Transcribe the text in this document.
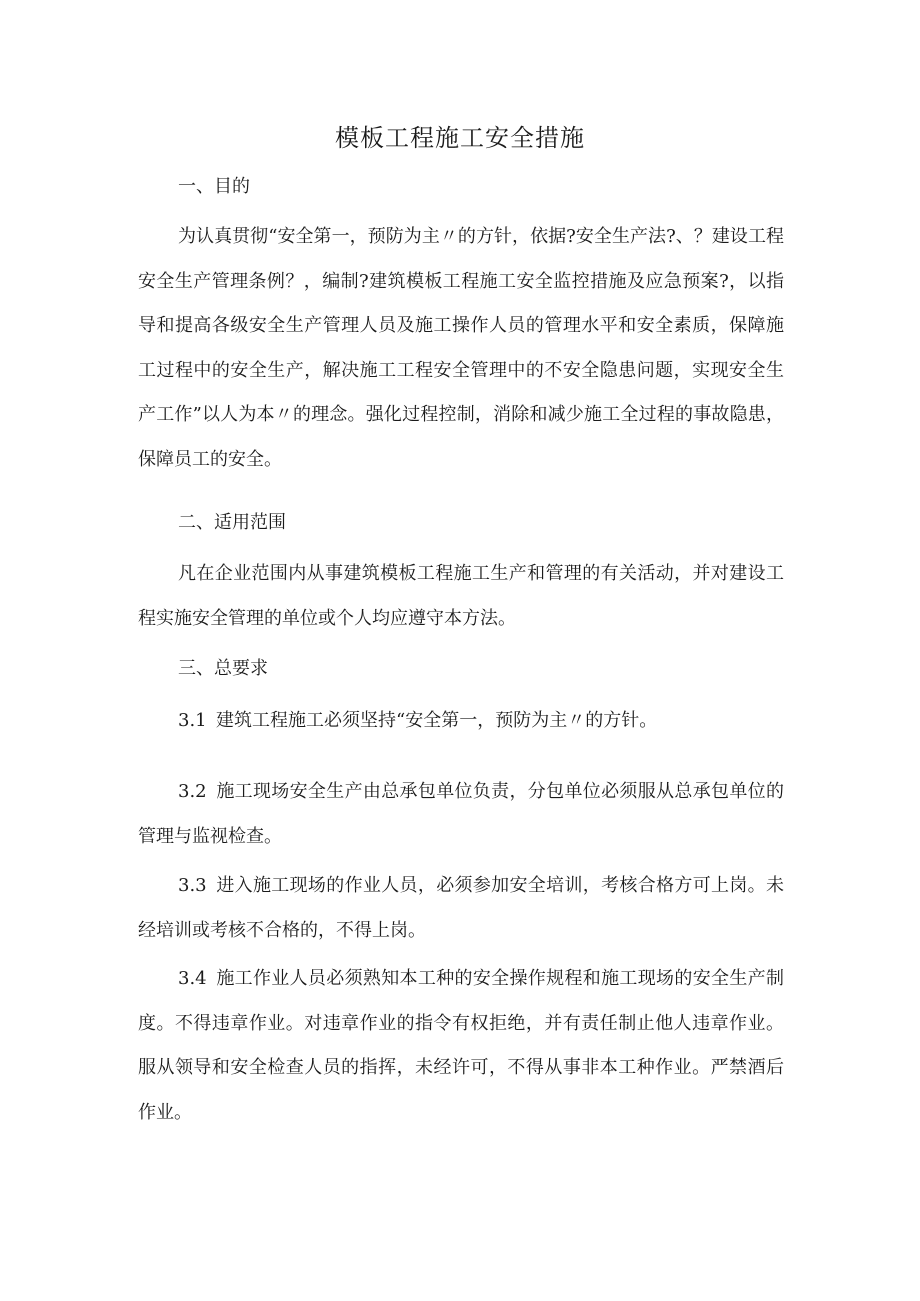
模板工程施工安全措施
一、目的

为认真贯彻“安全第一，预防为主〃的方针，依据?安全生产法?、？建设工程安全生产管理条例？，编制?建筑模板工程施工安全监控措施及应急预案?，以指导和提高各级安全生产管理人员及施工操作人员的管理水平和安全素质，保障施工过程中的安全生产，解决施工工程安全管理中的不安全隐患问题，实现安全生产工作”以人为本〃的理念。强化过程控制，消除和减少施工全过程的事故隐患，保障员工的安全。

二、适用范围

凡在企业范围内从事建筑模板工程施工生产和管理的有关活动，并对建设工程实施安全管理的单位或个人均应遵守本方法。

三、总要求

3.1 建筑工程施工必须坚持“安全第一，预防为主〃的方针。

3.2 施工现场安全生产由总承包单位负责，分包单位必须服从总承包单位的管理与监视检查。

3.3 进入施工现场的作业人员，必须参加安全培训，考核合格方可上岗。未经培训或考核不合格的，不得上岗。

3.4 施工作业人员必须熟知本工种的安全操作规程和施工现场的安全生产制度。不得违章作业。对违章作业的指令有权拒绝，并有责任制止他人违章作业。服从领导和安全检查人员的指挥，未经许可，不得从事非本工种作业。严禁酒后作业。
